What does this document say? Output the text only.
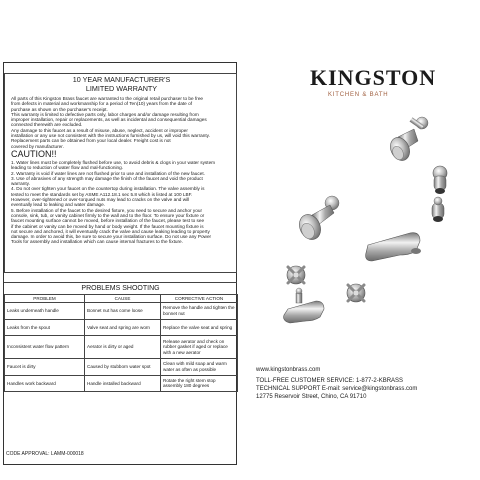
10 YEAR MANUFACTURER'S
LIMITED WARRANTY
All parts of this Kingston Brass faucet are warranted to the original retail purchaser to be free
from defects in material and workmanship for a period of Ten(10) years from the date of
purchase as shown on the purchaser's receipt.
This warranty is limited to defective parts only, labor charges and/or damage resulting from
improper installation, repair or replacements, as well as incidental and consequential damages
connected therewith are excluded.
Any damage to this faucet as a result of misuse, abuse, neglect, accident or improper
installation or any use not consistent with the instructions furnished by us, will void this warranty.
Replacement parts can be obtained from your local dealer. Freight cost is not
covered by manufacturer.
CAUTION!!
1. Water lines must be completely flushed before use, to avoid debris & clogs in your water system
leading to reduction of water flow and mal-functioning.
2. Warranty is void if water lines are not flushed prior to use and installation of the new faucet.
3. Use of abrasives of any strength may damage the finish of the faucet and void the product
warranty.
4. Do not over tighten your faucet on the countertop during installation. The valve assembly is
tested to meet the standards set by ASME A112.18.1 sec 5.8 which is listed at 100 LBF.
However, over-tightened or over-torqued nuts may lead to cracks on the valve and will
eventually lead to leaking and water damage.
5. Before installation of the faucet to the desired fixture, you need to secure and anchor your
console, sink, tub, or vanity cabinet firmly to the wall and to the floor. To ensure your fixture or
faucet mounting surface cannot be moved, before installation of the faucet, please test to see
if the cabinet or vanity can be moved by hand or body weight. If the faucet mounting fixture is
not secure and anchored, it will eventually crack the valve and cause leaking leading to property
damage. In order to avoid this, be sure to secure your installation surface. Do not use any Power
Tools for assembly and installation which can cause internal fractures to the fixture.
PROBLEMS SHOOTING
PROBLEM	CAUSE	CORRECTIVE ACTION
Leaks underneath handle	Bonnet nut has come loose	Remove the handle and tighten the bonnet nut
Leaks from the spout	Valve seat and spring are worn	Replace the valve seat and spring
Inconsistent water flow pattern	Aerator is dirty or aged	Release aerator and check on rubber gasket if aged or replace with a new aerator
Faucet is dirty	Caused by stubborn water spot	Clean with mild soap and warm water as often as possible
Handles work backward	Handle installed backward	Rotate the right stem stop assembly 180 degrees
CODE APPROVAL: LAMM-000018
KINGSTON
KITCHEN & BATH
www.kingstonbrass.com
TOLL-FREE CUSTOMER SERVICE: 1-877-2-KBRASS
TECHNICAL SUPPORT E-mail: service@kingstonbrass.com
12775 Reservoir Street, Chino, CA 91710
